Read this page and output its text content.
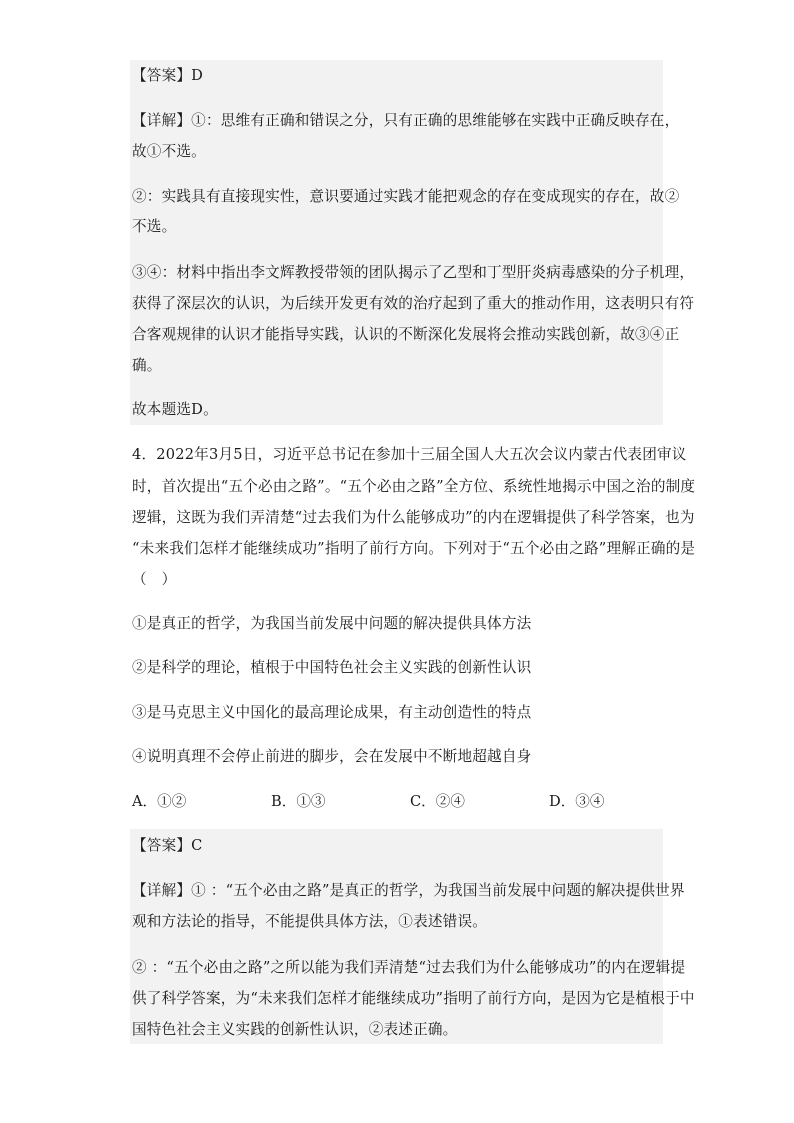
【答案】D
【详解】①：思维有正确和错误之分，只有正确的思维能够在实践中正确反映存在，
故①不选。
②：实践具有直接现实性，意识要通过实践才能把观念的存在变成现实的存在，故②
不选。
③④：材料中指出李文辉教授带领的团队揭示了乙型和丁型肝炎病毒感染的分子机理，
获得了深层次的认识，为后续开发更有效的治疗起到了重大的推动作用，这表明只有符
合客观规律的认识才能指导实践，认识的不断深化发展将会推动实践创新，故③④正
确。
故本题选D。
4．2022年3月5日，习近平总书记在参加十三届全国人大五次会议内蒙古代表团审议
时，首次提出“五个必由之路”。“五个必由之路”全方位、系统性地揭示中国之治的制度
逻辑，这既为我们弄清楚“过去我们为什么能够成功”的内在逻辑提供了科学答案，也为
“未来我们怎样才能继续成功”指明了前行方向。下列对于“五个必由之路”理解正确的是
（　）
①是真正的哲学，为我国当前发展中问题的解决提供具体方法
②是科学的理论，植根于中国特色社会主义实践的创新性认识
③是马克思主义中国化的最高理论成果，有主动创造性的特点
④说明真理不会停止前进的脚步，会在发展中不断地超越自身
A．①②	B．①③	C．②④	D．③④
【答案】C
【详解】① ：“五个必由之路”是真正的哲学，为我国当前发展中问题的解决提供世界
观和方法论的指导，不能提供具体方法，①表述错误。
② ：“五个必由之路”之所以能为我们弄清楚“过去我们为什么能够成功”的内在逻辑提
供了科学答案，为“未来我们怎样才能继续成功”指明了前行方向，是因为它是植根于中
国特色社会主义实践的创新性认识，②表述正确。
